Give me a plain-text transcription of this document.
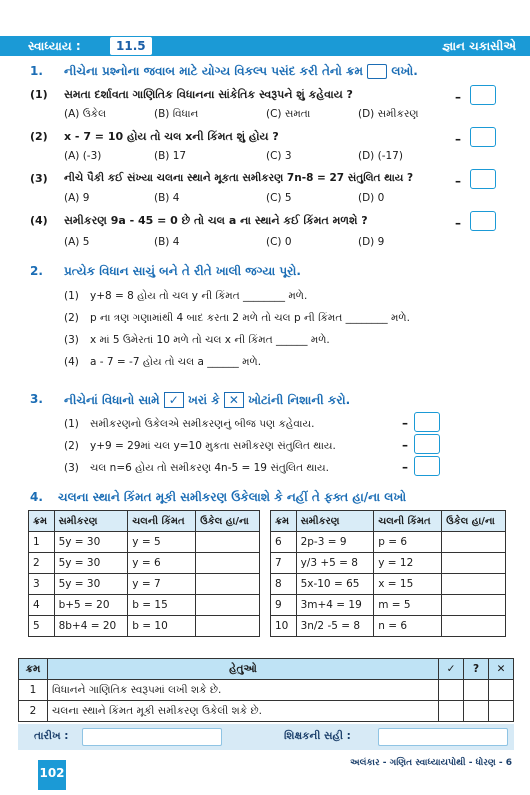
સ્વાધ્યાય :	11.5	જ્ઞાન ચકાસીએ
1. નીચેના પ્રશ્નોના જવાબ માટે યોગ્ય વિકલ્પ પસંદ કરી તેનો ક્રમ લખો.
(1) સમતા દર્શાવતા ગાણિતિક વિધાનના સાંકેતિક સ્વરૂપને શું કહેવાય ?
(A) ઉકેલ	(B) વિધાન	(C) સમતા	(D) સમીકરણ
–
(2) x - 7 = 10 હોય તો ચલ xની કિંમત શું હોય ?
(A) (-3)	(B) 17	(C) 3	(D) (-17)
–
(3) નીચે પૈકી કઈ સંખ્યા ચલના સ્થાને મૂકતા સમીકરણ 7n-8 = 27 સંતુલિત થાય ?
(A) 9	(B) 4	(C) 5	(D) 0
–
(4) સમીકરણ 9a - 45 = 0 છે તો ચલ a ના સ્થાને કઈ કિંમત મળશે ?
(A) 5	(B) 4	(C) 0	(D) 9
–
2. પ્રત્યેક વિધાન સાચું બને તે રીતે ખાલી જગ્યા પૂરો.
(1) y+8 = 8 હોય તો ચલ y ની કિંમત ________ મળે.
(2) p ના ત્રણ ગણામાંથી 4 બાદ કરતા 2 મળે તો ચલ p ની કિંમત ________ મળે.
(3) x માં 5 ઉમેરતાં 10 મળે તો ચલ x ની કિંમત ______ મળે.
(4) a - 7 = -7 હોય તો ચલ a ______ મળે.
3. નીચેનાં વિધાનો સામે ✓ ખરાં કે ✕ ખોટાંની નિશાની કરો.
(1) સમીકરણનો ઉકેલએ સમીકરણનું બીજ પણ કહેવાય.
(2) y+9 = 29માં ચલ y=10 મુકતા સમીકરણ સંતુલિત થાય.
(3) ચલ n=6 હોય તો સમીકરણ 4n-5 = 19 સંતુલિત થાય.
–
–
–
4. ચલના સ્થાને કિંમત મૂકી સમીકરણ ઉકેલાશે કે નહીં તે ફક્ત હા/ના લખો
ક્રમ	સમીકરણ	ચલની કિંમત	ઉકેલ હા/ના
1	5y = 30	y = 5	
2	5y = 30	y = 6	
3	5y = 30	y = 7	
4	b+5 = 20	b = 15	
5	8b+4 = 20	b = 10	
ક્રમ	સમીકરણ	ચલની કિંમત	ઉકેલ હા/ના
6	2p-3 = 9	p = 6	
7	y/3 +5 = 8	y = 12	
8	5x-10 = 65	x = 15	
9	3m+4 = 19	m = 5	
10	3n/2 -5 = 8	n = 6	
ક્રમ	હેતુઓ	✓	?	✕
1	વિધાનને ગાણિતિક સ્વરૂપમાં લખી શકે છે.			
2	ચલના સ્થાને કિંમત મૂકી સમીકરણ ઉકેલી શકે છે.			
તારીખ :	શિક્ષકની સહી :
અલંકાર - ગણિત સ્વાધ્યાયપોથી - ધોરણ - 6
102
